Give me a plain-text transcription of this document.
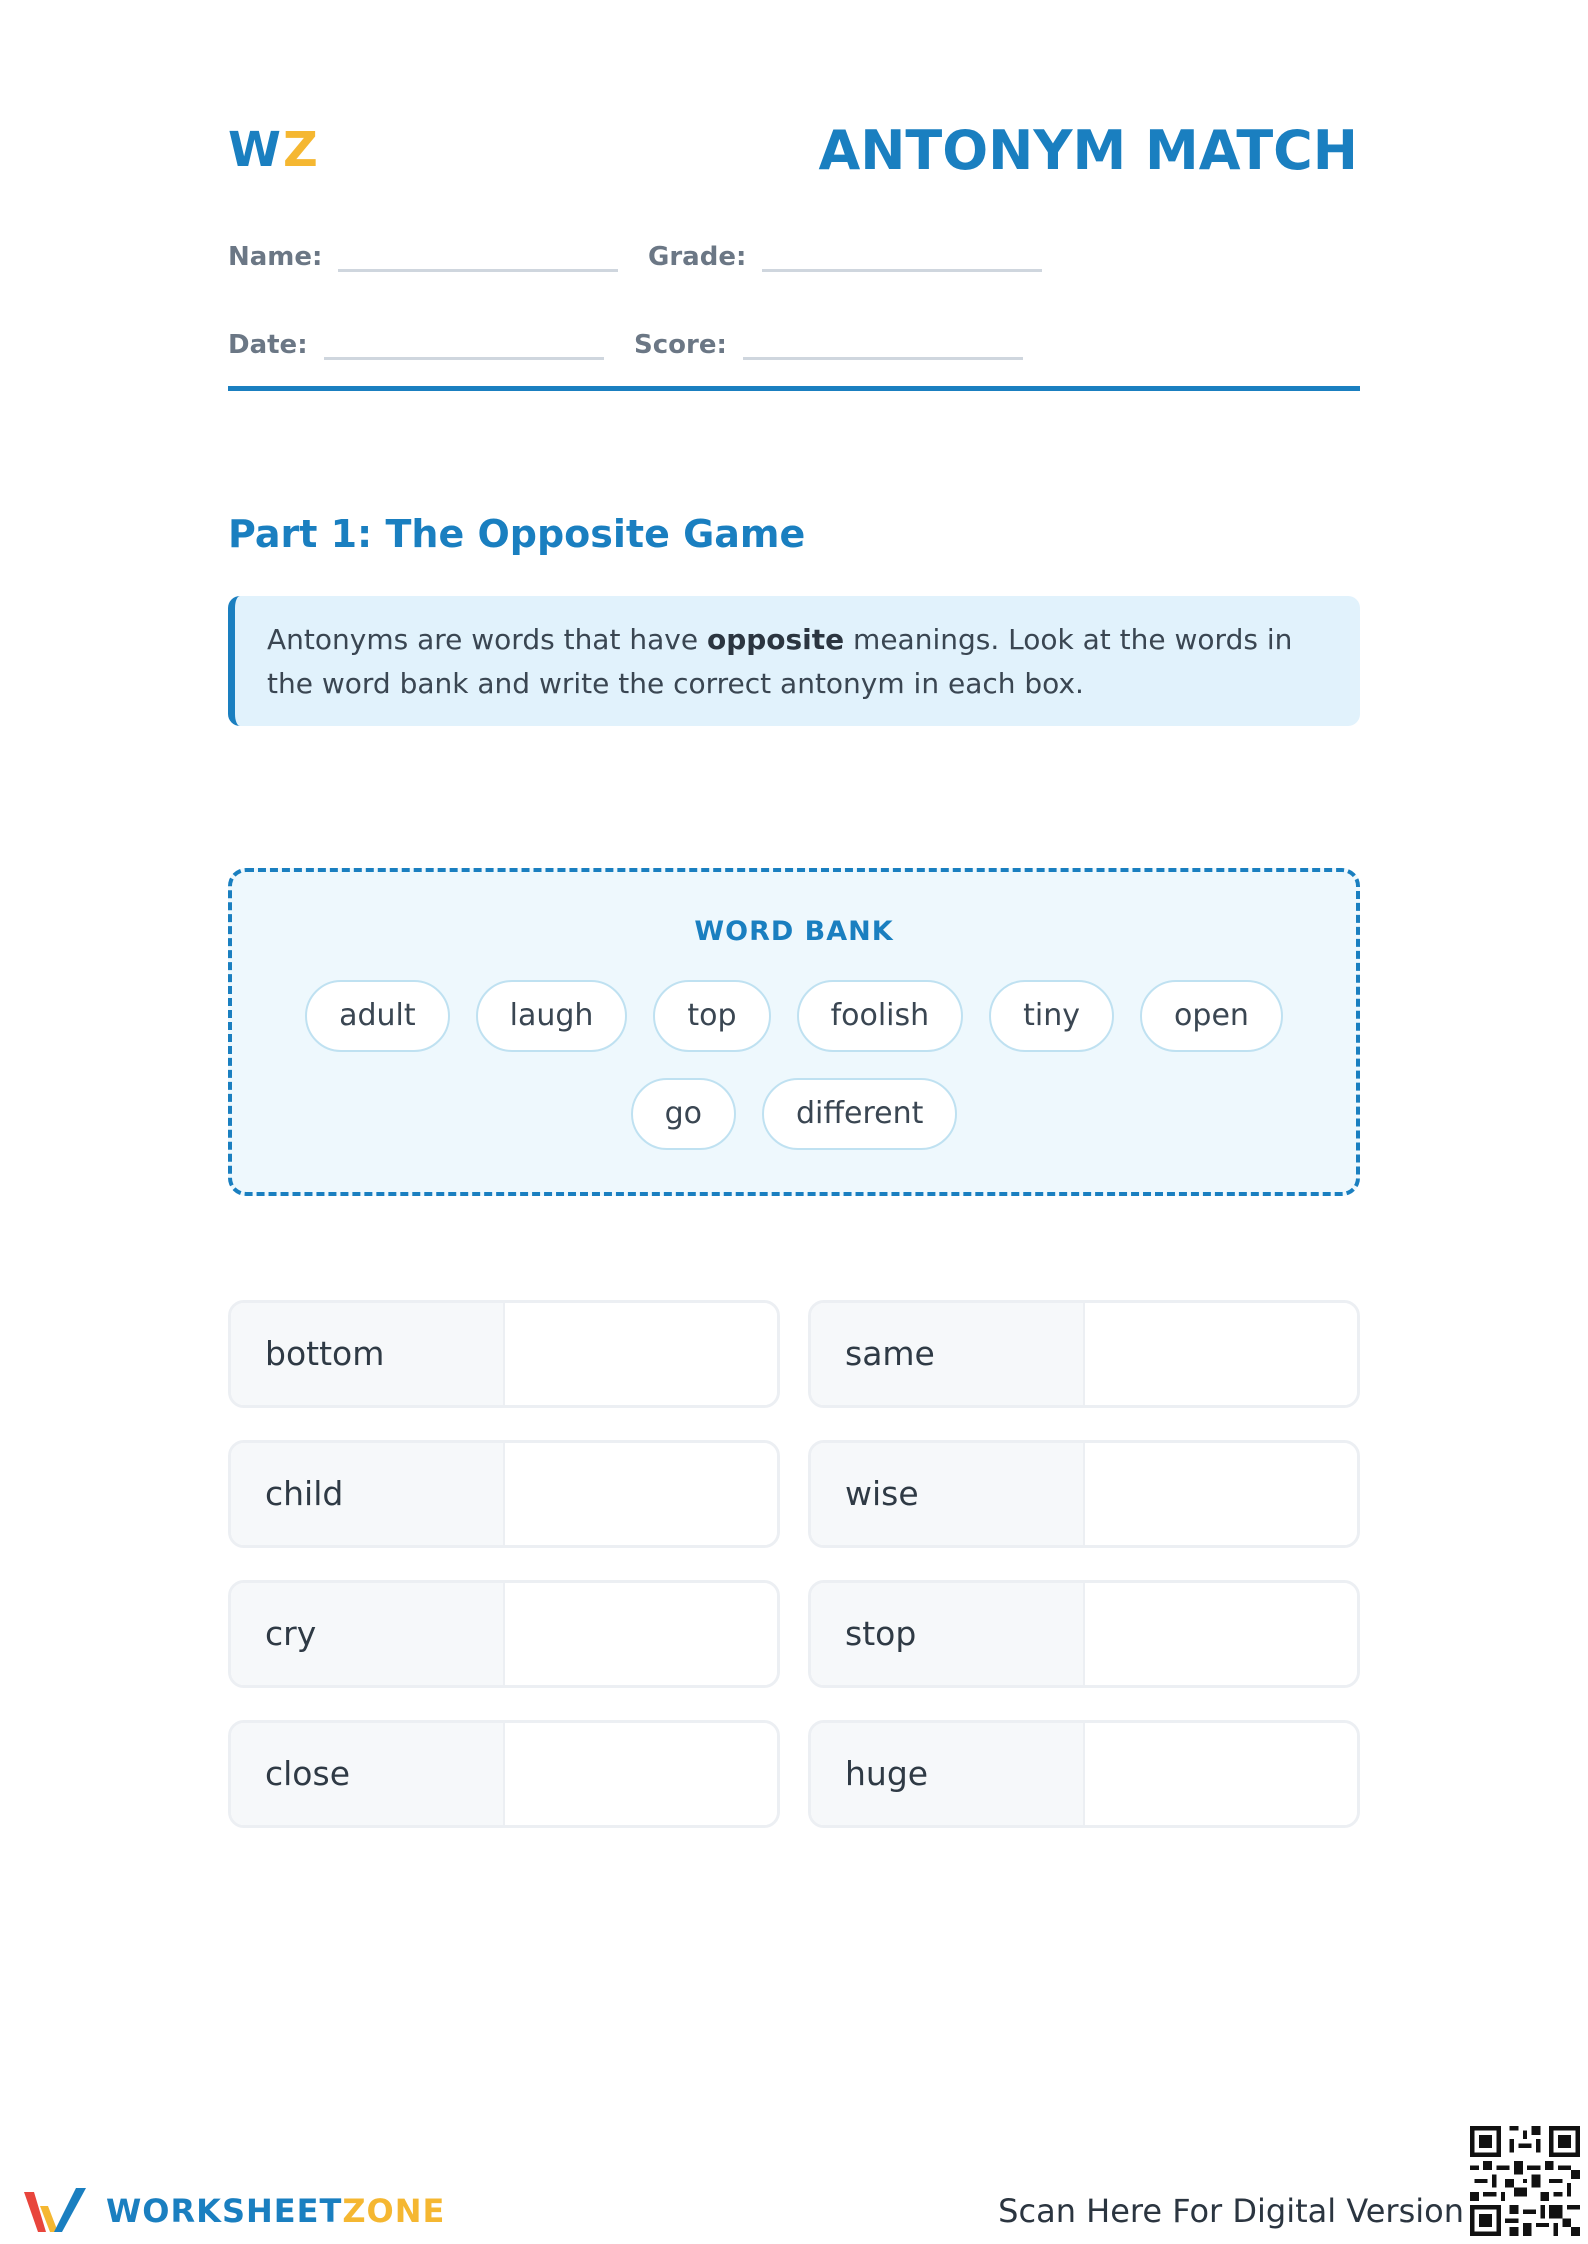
WZ	ANTONYM MATCH
Name:	Grade:
Date:	Score:
Part 1: The Opposite Game
Antonyms are words that have opposite meanings. Look at the words in the word bank and write the correct antonym in each box.
WORD BANK
adult	laugh	top	foolish	tiny	open
go	different
bottom	same
child	wise
cry	stop
close	huge
WORKSHEETZONE	Scan Here For Digital Version
